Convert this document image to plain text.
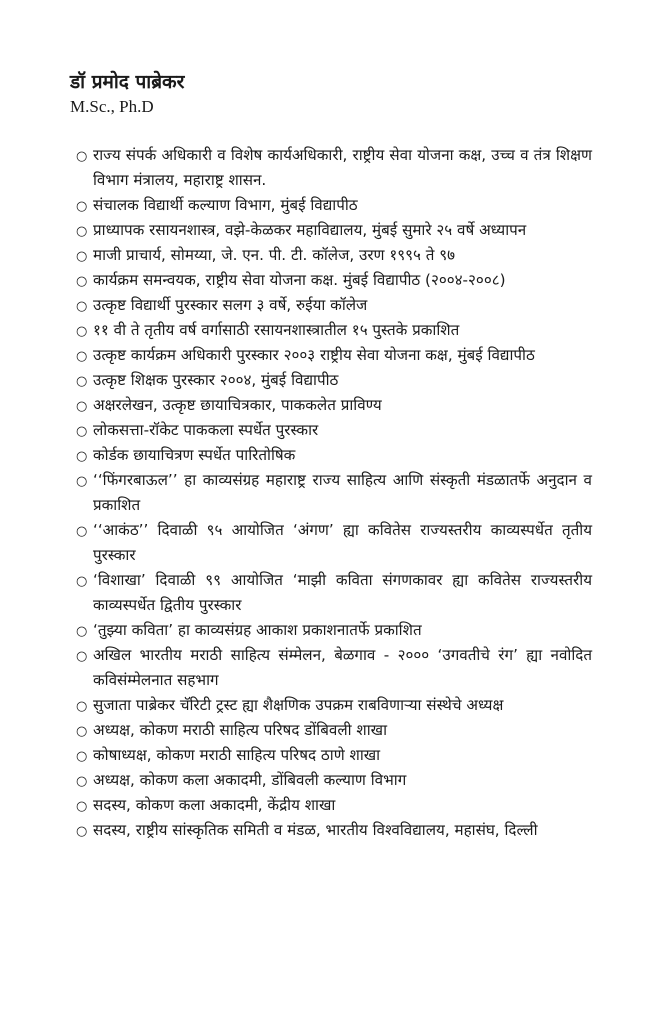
डॉ प्रमोद पाब्रेकर

M.Sc., Ph.D

○ राज्य संपर्क अधिकारी व विशेष कार्यअधिकारी, राष्ट्रीय सेवा योजना कक्ष, उच्च व तंत्र शिक्षण विभाग मंत्रालय, महाराष्ट्र शासन.
○ संचालक विद्यार्थी कल्याण विभाग, मुंबई विद्यापीठ
○ प्राध्यापक रसायनशास्त्र, वझे-केळकर महाविद्यालय, मुंबई सुमारे २५ वर्षे अध्यापन
○ माजी प्राचार्य, सोमय्या, जे. एन. पी. टी. कॉलेज, उरण १९९५ ते ९७
○ कार्यक्रम समन्वयक, राष्ट्रीय सेवा योजना कक्ष. मुंबई विद्यापीठ (२००४-२००८)
○ उत्कृष्ट विद्यार्थी पुरस्कार सलग ३ वर्षे, रुईया कॉलेज
○ ११ वी ते तृतीय वर्ष वर्गासाठी रसायनशास्त्रातील १५ पुस्तके प्रकाशित
○ उत्कृष्ट कार्यक्रम अधिकारी पुरस्कार २००३ राष्ट्रीय सेवा योजना कक्ष, मुंबई विद्यापीठ
○ उत्कृष्ट शिक्षक पुरस्कार २००४, मुंबई विद्यापीठ
○ अक्षरलेखन, उत्कृष्ट छायाचित्रकार, पाककलेत प्राविण्य
○ लोकसत्ता-रॉकेट पाककला स्पर्धेत पुरस्कार
○ कोर्डक छायाचित्रण स्पर्धेत पारितोषिक
○ ‘‘फिंगरबाऊल’’ हा काव्यसंग्रह महाराष्ट्र राज्य साहित्य आणि संस्कृती मंडळातर्फे अनुदान व प्रकाशित
○ ‘‘आकंठ’’ दिवाळी ९५ आयोजित ‘अंगण’ ह्या कवितेस राज्यस्तरीय काव्यस्पर्धेत तृतीय पुरस्कार
○ ‘विशाखा’ दिवाळी ९९ आयोजित ‘माझी कविता संगणकावर ह्या कवितेस राज्यस्तरीय काव्यस्पर्धेत द्वितीय पुरस्कार
○ ‘तुझ्या कविता’ हा काव्यसंग्रह आकाश प्रकाशनातर्फे प्रकाशित
○ अखिल भारतीय मराठी साहित्य संम्मेलन, बेळगाव - २००० ‘उगवतीचे रंग’ ह्या नवोदित कविसंम्मेलनात सहभाग
○ सुजाता पाब्रेकर चॅरिटी ट्रस्ट ह्या शैक्षणिक उपक्रम राबविणाऱ्या संस्थेचे अध्यक्ष
○ अध्यक्ष, कोकण मराठी साहित्य परिषद डोंबिवली शाखा
○ कोषाध्यक्ष, कोकण मराठी साहित्य परिषद ठाणे शाखा
○ अध्यक्ष, कोकण कला अकादमी, डोंबिवली कल्याण विभाग
○ सदस्य, कोकण कला अकादमी, केंद्रीय शाखा
○ सदस्य, राष्ट्रीय सांस्कृतिक समिती व मंडळ, भारतीय विश्वविद्यालय, महासंघ, दिल्ली
